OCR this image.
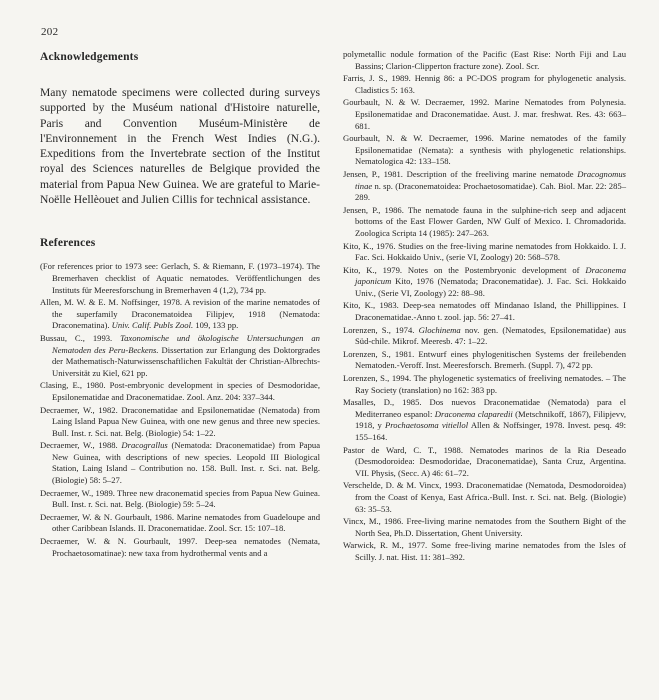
202
Acknowledgements

Many nematode specimens were collected during surveys supported by the Muséum national d'Histoire naturelle, Paris and Convention Muséum-Ministère de l'Environnement in the French West Indies (N.G.). Expeditions from the Invertebrate section of the Institut royal des Sciences naturelles de Belgique provided the material from Papua New Guinea. We are grateful to Marie-Noëlle Hellèouet and Julien Cillis for technical assistance.

References

(For references prior to 1973 see: Gerlach, S. & Riemann, F. (1973–1974). The Bremerhaven checklist of Aquatic nematodes. Veröffentlichungen des Instituts für Meeresforschung in Bremerhaven 4 (1,2), 734 pp.

Allen, M. W. & E. M. Noffsinger, 1978. A revision of the marine nematodes of the superfamily Draconematoidea Filipjev, 1918 (Nematoda: Draconematina). Univ. Calif. Publs Zool. 109, 133 pp.

Bussau, C., 1993. Taxonomische und ökologische Untersuchungen an Nematoden des Peru-Beckens. Dissertation zur Erlangung des Doktorgrades der Mathematisch-Naturwissenschaftlichen Fakultät der Christian-Albrechts-Universität zu Kiel, 621 pp.

Clasing, E., 1980. Post-embryonic development in species of Desmodoridae, Epsilonematidae and Draconematidae. Zool. Anz. 204: 337–344.

Decraemer, W., 1982. Draconematidae and Epsilonematidae (Nematoda) from Laing Island Papua New Guinea, with one new genus and three new species. Bull. Inst. r. Sci. nat. Belg. (Biologie) 54: 1–22.

Decraemer, W., 1988. Dracograllus (Nematoda: Draconematidae) from Papua New Guinea, with descriptions of new species. Leopold III Biological Station, Laing Island – Contribution no. 158. Bull. Inst. r. Sci. nat. Belg. (Biologie) 58: 5–27.

Decraemer, W., 1989. Three new draconematid species from Papua New Guinea. Bull. Inst. r. Sci. nat. Belg. (Biologie) 59: 5–24.

Decraemer, W. & N. Gourbault, 1986. Marine nematodes from Guadeloupe and other Caribbean Islands. II. Draconematidae. Zool. Scr. 15: 107–18.

Decraemer, W. & N. Gourbault, 1997. Deep-sea nematodes (Nemata, Prochaetosomatinae): new taxa from hydrothermal vents and a

polymetallic nodule formation of the Pacific (East Rise: North Fiji and Lau Bassins; Clarion-Clipperton fracture zone). Zool. Scr.

Farris, J. S., 1989. Hennig 86: a PC-DOS program for phylogenetic analysis. Cladistics 5: 163.

Gourbault, N. & W. Decraemer, 1992. Marine Nematodes from Polynesia. Epsilonematidae and Draconematidae. Aust. J. mar. freshwat. Res. 43: 663–681.

Gourbault, N. & W. Decraemer, 1996. Marine nematodes of the family Epsilonematidae (Nemata): a synthesis with phylogenetic relationships. Nematologica 42: 133–158.

Jensen, P., 1981. Description of the freeliving marine nematode Dracognomus tinae n. sp. (Draconematoidea: Prochaetosomatidae). Cah. Biol. Mar. 22: 285–289.

Jensen, P., 1986. The nematode fauna in the sulphine-rich seep and adjacent bottoms of the East Flower Garden, NW Gulf of Mexico. I. Chromadorida. Zoologica Scripta 14 (1985): 247–263.

Kito, K., 1976. Studies on the free-living marine nematodes from Hokkaido. I. J. Fac. Sci. Hokkaido Univ., (serie VI, Zoology) 20: 568–578.

Kito, K., 1979. Notes on the Postembryonic development of Draconema japonicum Kito, 1976 (Nematoda; Draconematidae). J. Fac. Sci. Hokkaido Univ., (Serie VI, Zoology) 22: 88–98.

Kito, K., 1983. Deep-sea nematodes off Mindanao Island, the Phillippines. I Draconematidae.-Anno t. zool. jap. 56: 27–41.

Lorenzen, S., 1974. Glochinema nov. gen. (Nematodes, Epsilonematidae) aus Süd-chile. Mikrof. Meeresb. 47: 1–22.

Lorenzen, S., 1981. Entwurf eines phylogenitischen Systems der freilebenden Nematoden.-Veroff. Inst. Meeresforsch. Bremerh. (Suppl. 7), 472 pp.

Lorenzen, S., 1994. The phylogenetic systematics of freeliving nematodes. – The Ray Society (translation) no 162: 383 pp.

Masalles, D., 1985. Dos nuevos Draconematidae (Nematoda) para el Mediterraneo espanol: Draconema claparedii (Metschnikoff, 1867), Filipjevv, 1918, y Prochaetosoma vitiellol Allen & Noffsinger, 1978. Invest. pesq. 49: 155–164.

Pastor de Ward, C. T., 1988. Nematodes marinos de la Ria Deseado (Desmodoroidea: Desmodoridae, Draconematidae), Santa Cruz, Argentina. VII. Physis, (Secc. A) 46: 61–72.

Verschelde, D. & M. Vincx, 1993. Draconematidae (Nematoda, Desmodoroidea) from the Coast of Kenya, East Africa.-Bull. Inst. r. Sci. nat. Belg. (Biologie) 63: 35–53.

Vincx, M., 1986. Free-living marine nematodes from the Southern Bight of the North Sea, Ph.D. Dissertation, Ghent University.

Warwick, R. M., 1977. Some free-living marine nematodes from the Isles of Scilly. J. nat. Hist. 11: 381–392.
